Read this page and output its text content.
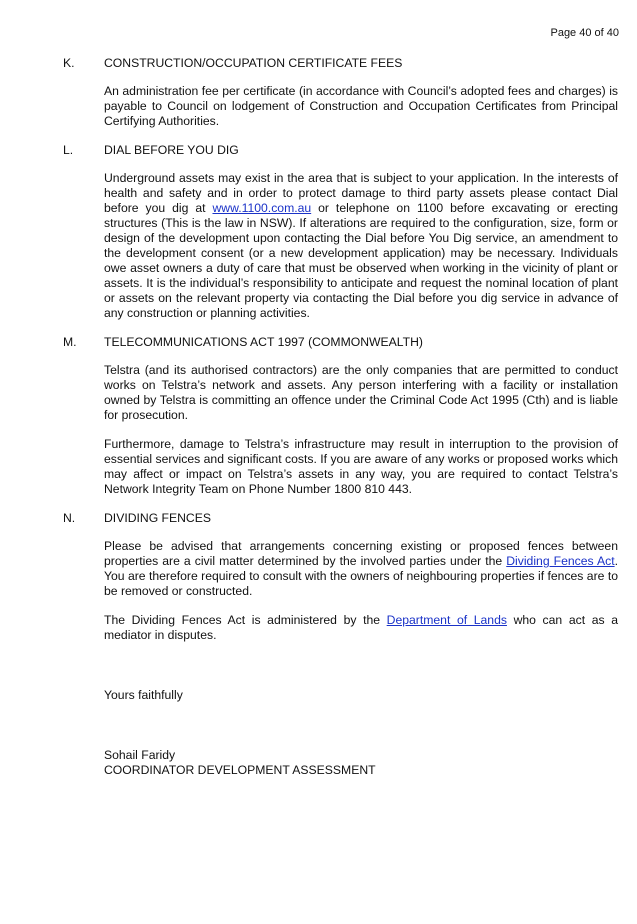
Page 40 of 40
K. CONSTRUCTION/OCCUPATION CERTIFICATE FEES

An administration fee per certificate (in accordance with Council’s adopted fees and charges) is payable to Council on lodgement of Construction and Occupation Certificates from Principal Certifying Authorities.

L.	DIAL BEFORE YOU DIG

Underground assets may exist in the area that is subject to your application. In the interests of health and safety and in order to protect damage to third party assets please contact Dial before you dig at www.1100.com.au or telephone on 1100 before excavating or erecting structures (This is the law in NSW). If alterations are required to the configuration, size, form or design of the development upon contacting the Dial before You Dig service, an amendment to the development consent (or a new development application) may be necessary. Individuals owe asset owners a duty of care that must be observed when working in the vicinity of plant or assets. It is the individual’s responsibility to anticipate and request the nominal location of plant or assets on the relevant property via contacting the Dial before you dig service in advance of any construction or planning activities.

M. TELECOMMUNICATIONS ACT 1997 (COMMONWEALTH)

Telstra (and its authorised contractors) are the only companies that are permitted to conduct works on Telstra’s network and assets. Any person interfering with a facility or installation owned by Telstra is committing an offence under the Criminal Code Act 1995 (Cth) and is liable for prosecution.

Furthermore, damage to Telstra’s infrastructure may result in interruption to the provision of essential services and significant costs. If you are aware of any works or proposed works which may affect or impact on Telstra’s assets in any way, you are required to contact Telstra’s Network Integrity Team on Phone Number 1800 810 443.

N. DIVIDING FENCES

Please be advised that arrangements concerning existing or proposed fences between properties are a civil matter determined by the involved parties under the Dividing Fences Act. You are therefore required to consult with the owners of neighbouring properties if fences are to be removed or constructed.

The Dividing Fences Act is administered by the Department of Lands who can act as a mediator in disputes.

Yours faithfully
Sohail Faridy
COORDINATOR DEVELOPMENT ASSESSMENT
